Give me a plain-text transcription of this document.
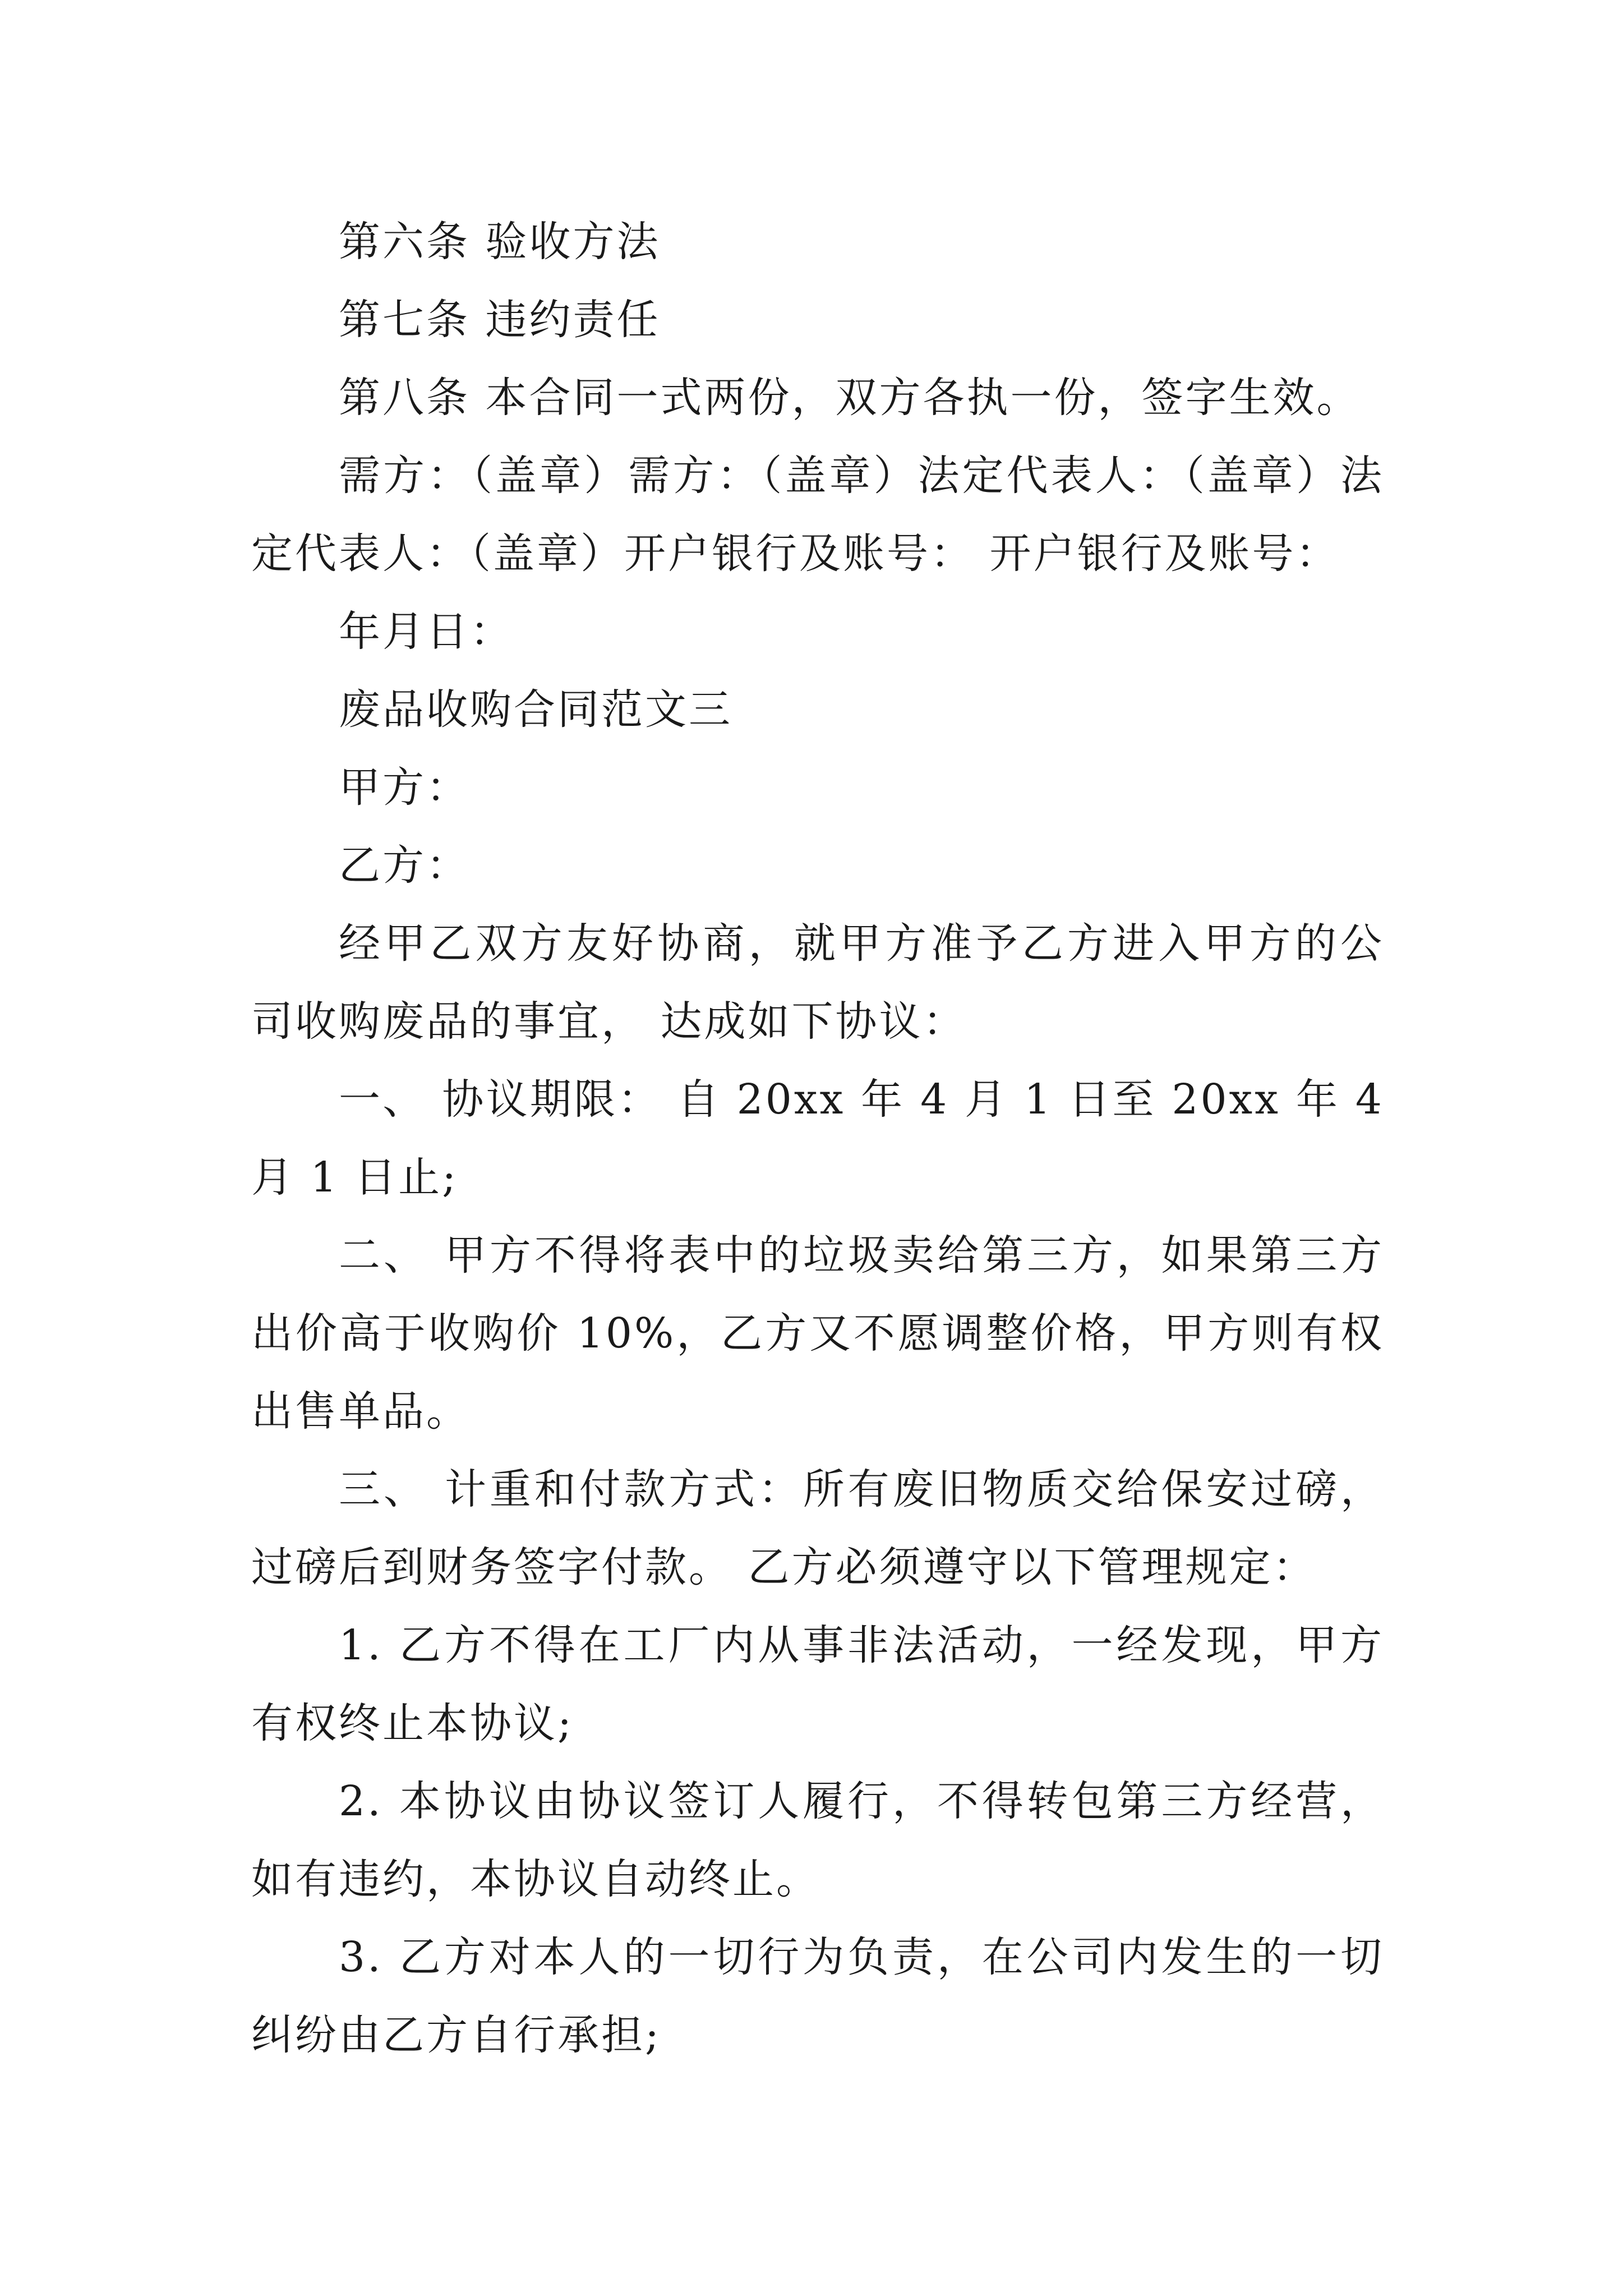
第六条 验收方法

第七条 违约责任

第八条 本合同一式两份，双方各执一份，签字生效。

需方：（盖章）需方：（盖章）法定代表人：（盖章）法定代表人：（盖章）开户银行及账号： 开户银行及账号：

年月日：

废品收购合同范文三

甲方：

乙方：

经甲乙双方友好协商，就甲方准予乙方进入甲方的公司收购废品的事宜， 达成如下协议：

一、 协议期限： 自 20xx 年 4 月 1 日至 20xx 年 4 月 1 日止;

二、 甲方不得将表中的垃圾卖给第三方，如果第三方出价高于收购价 10%，乙方又不愿调整价格，甲方则有权出售单品。

三、 计重和付款方式：所有废旧物质交给保安过磅，过磅后到财务签字付款。 乙方必须遵守以下管理规定：

1. 乙方不得在工厂内从事非法活动，一经发现，甲方有权终止本协议;

2. 本协议由协议签订人履行，不得转包第三方经营，如有违约，本协议自动终止。

3. 乙方对本人的一切行为负责，在公司内发生的一切纠纷由乙方自行承担;
